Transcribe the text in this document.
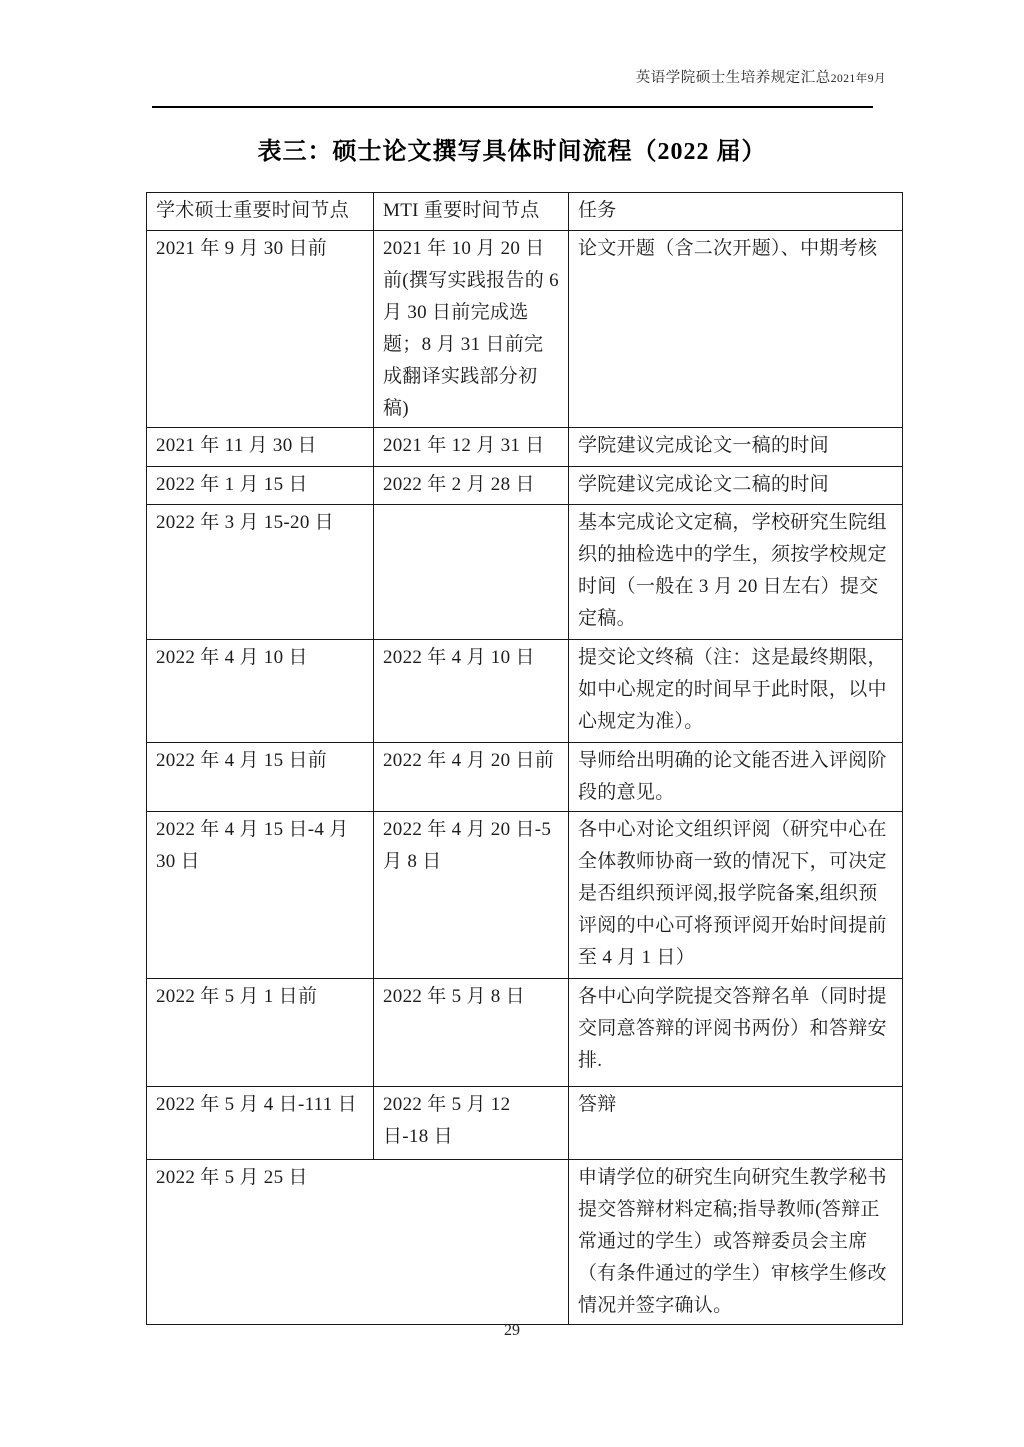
英语学院硕士生培养规定汇总2021年9月
表三：硕士论文撰写具体时间流程（2022 届）
学术硕士重要时间节点	MTI 重要时间节点	任务
2021 年 9 月 30 日前	2021 年 10 月 20 日前(撰写实践报告的 6 月 30 日前完成选题；8 月 31 日前完成翻译实践部分初稿)	论文开题（含二次开题）、中期考核
2021 年 11 月 30 日	2021 年 12 月 31 日	学院建议完成论文一稿的时间
2022 年 1 月 15 日	2022 年 2 月 28 日	学院建议完成论文二稿的时间
2022 年 3 月 15-20 日		基本完成论文定稿，学校研究生院组织的抽检选中的学生，须按学校规定时间（一般在 3 月 20 日左右）提交定稿。
2022 年 4 月 10 日	2022 年 4 月 10 日	提交论文终稿（注：这是最终期限，如中心规定的时间早于此时限，以中心规定为准）。
2022 年 4 月 15 日前	2022 年 4 月 20 日前	导师给出明确的论文能否进入评阅阶段的意见。
2022 年 4 月 15 日-4 月 30 日	2022 年 4 月 20 日-5 月 8 日	各中心对论文组织评阅（研究中心在全体教师协商一致的情况下，可决定是否组织预评阅,报学院备案,组织预评阅的中心可将预评阅开始时间提前至 4 月 1 日）
2022 年 5 月 1 日前	2022 年 5 月 8 日	各中心向学院提交答辩名单（同时提交同意答辩的评阅书两份）和答辩安排.
2022 年 5 月 4 日-111 日	2022 年 5 月 12 日-18 日	答辩
2022 年 5 月 25 日		申请学位的研究生向研究生教学秘书提交答辩材料定稿;指导教师(答辩正常通过的学生）或答辩委员会主席（有条件通过的学生）审核学生修改情况并签字确认。
29
